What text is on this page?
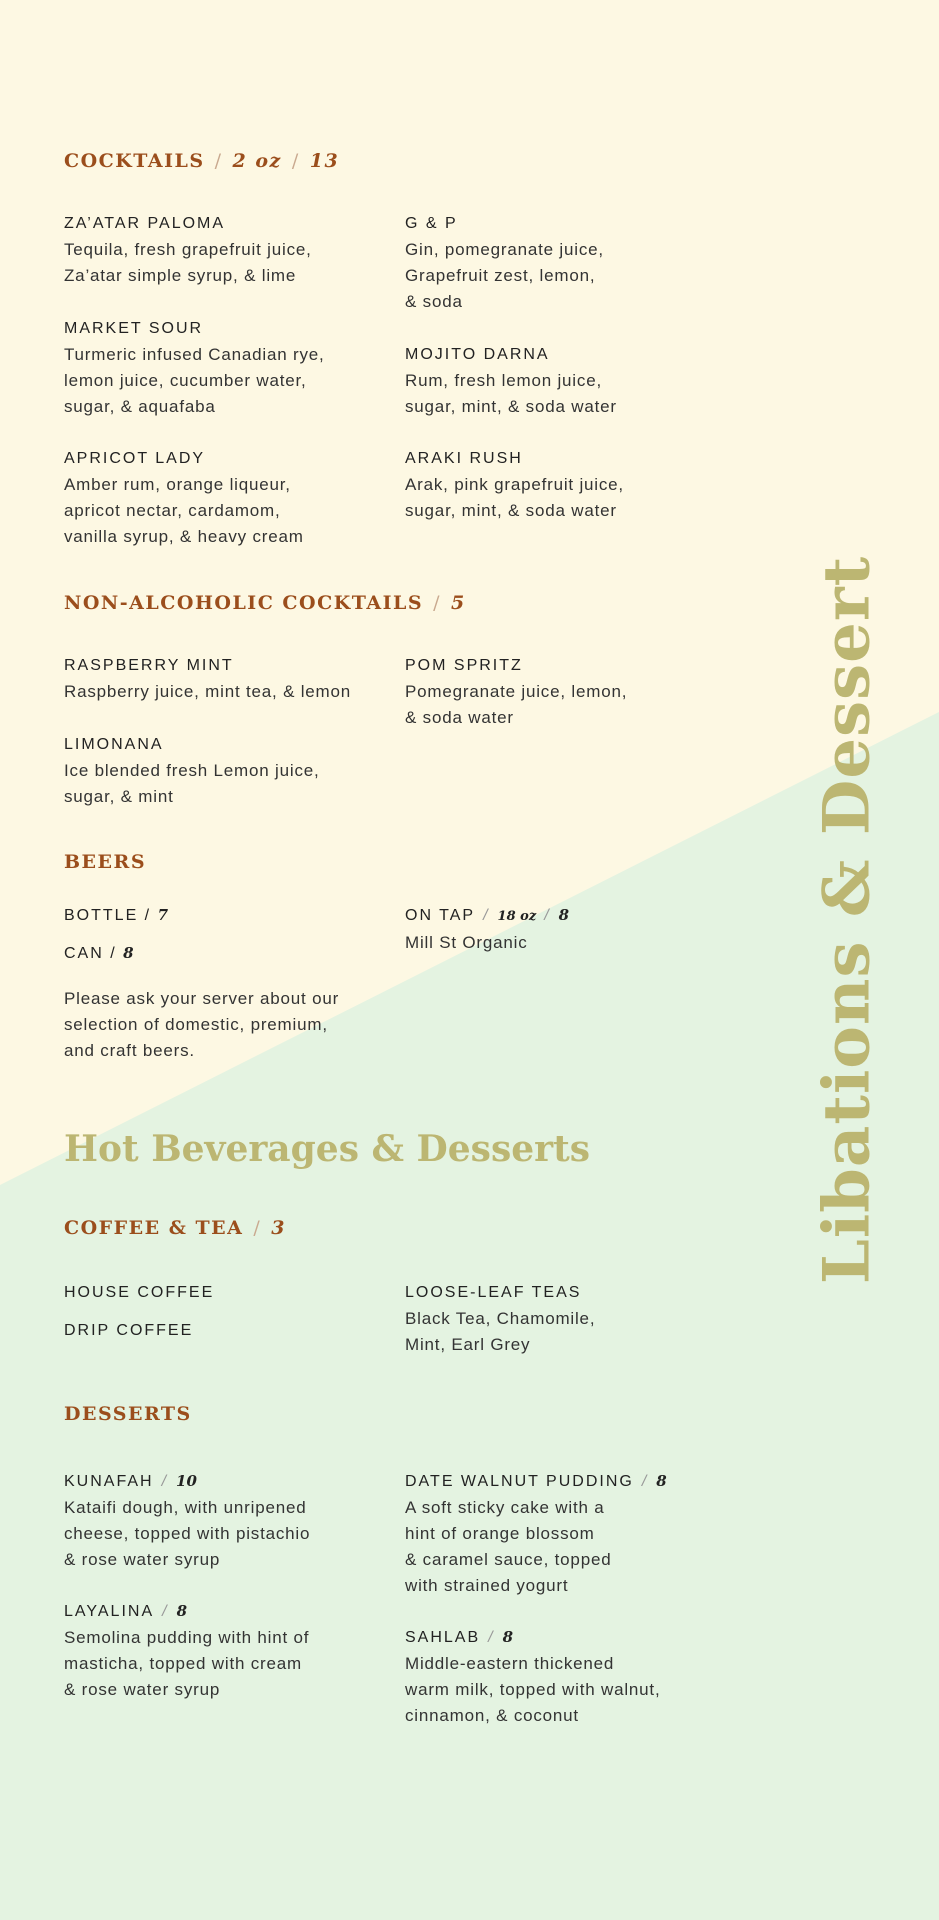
Libations & Dessert
COCKTAILS / 2 oz / 13
ZA’ATAR PALOMA
Tequila, fresh grapefruit juice,
Za’atar simple syrup, & lime
MARKET SOUR
Turmeric infused Canadian rye,
lemon juice, cucumber water,
sugar, & aquafaba
APRICOT LADY
Amber rum, orange liqueur,
apricot nectar, cardamom,
vanilla syrup, & heavy cream
G & P
Gin, pomegranate juice,
Grapefruit zest, lemon,
& soda
MOJITO DARNA
Rum, fresh lemon juice,
sugar, mint, & soda water
ARAKI RUSH
Arak, pink grapefruit juice,
sugar, mint, & soda water
NON-ALCOHOLIC COCKTAILS / 5
RASPBERRY MINT
Raspberry juice, mint tea, & lemon
LIMONANA
Ice blended fresh Lemon juice,
sugar, & mint
POM SPRITZ
Pomegranate juice, lemon,
& soda water
BEERS
BOTTLE / 7
CAN / 8
Please ask your server about our
selection of domestic, premium,
and craft beers.
ON TAP / 18 oz / 8
Mill St Organic
Hot Beverages & Desserts
COFFEE & TEA / 3
HOUSE COFFEE
DRIP COFFEE
LOOSE-LEAF TEAS
Black Tea, Chamomile,
Mint, Earl Grey
DESSERTS
KUNAFAH / 10
Kataifi dough, with unripened
cheese, topped with pistachio
& rose water syrup
LAYALINA / 8
Semolina pudding with hint of
masticha, topped with cream
& rose water syrup
DATE WALNUT PUDDING / 8
A soft sticky cake with a
hint of orange blossom
& caramel sauce, topped
with strained yogurt
SAHLAB / 8
Middle-eastern thickened
warm milk, topped with walnut,
cinnamon, & coconut
